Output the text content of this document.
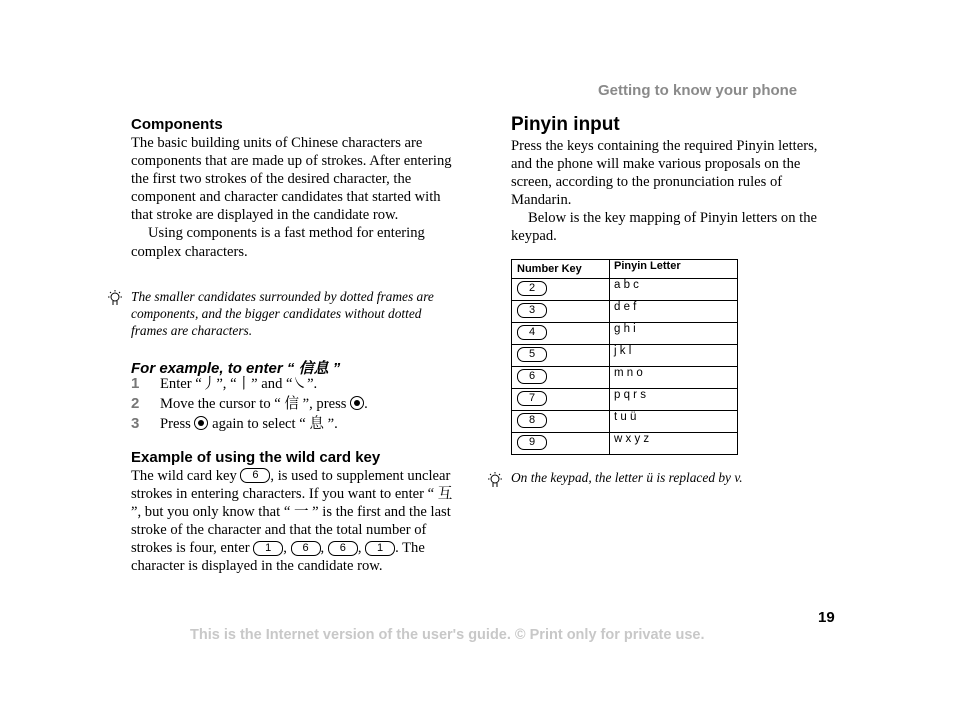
Getting to know your phone
Components

The basic building units of Chinese characters are components that are made up of strokes. After entering the first two strokes of the desired character, the component and character candidates that started with that stroke are displayed in the candidate row.

Using components is a fast method for entering complex characters.

The smaller candidates surrounded by dotted frames are components, and the bigger candidates without dotted frames are characters.
For example, to enter “ 信息 ”
1 Enter “丿”, “丨” and “㇏”.
2 Move the cursor to “ 信 ”, press .
3 Press  again to select “ 息 ”.
Example of using the wild card key

The wild card key 6 , is used to supplement unclear strokes in entering characters. If you want to enter “ 互 ”, but you only know that “ 一 ” is the first and the last stroke of the character and that the total number of strokes is four, enter 1 , 6 , 6 , 1 . The character is displayed in the candidate row.

Pinyin input

Press the keys containing the required Pinyin letters, and the phone will make various proposals on the screen, according to the pronunciation rules of Mandarin.

Below is the key mapping of Pinyin letters on the keypad.

Number Key	Pinyin Letter
2	a b c
3	d e f
4	g h i
5	j k l
6	m n o
7	p q r s
8	t u ü
9	w x y z
On the keypad, the letter ü is replaced by v.
19
This is the Internet version of the user's guide. © Print only for private use.
